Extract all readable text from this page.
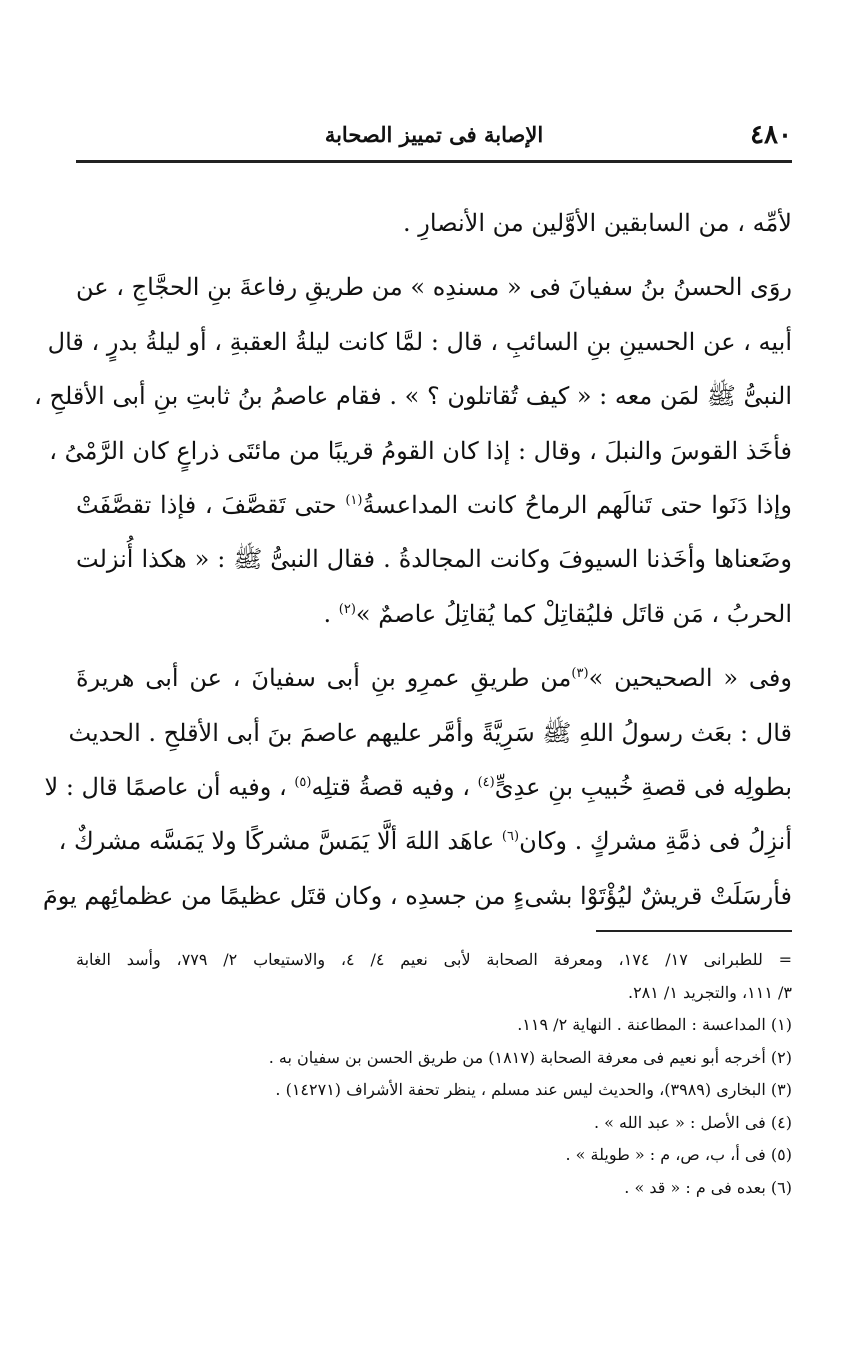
٤٨٠
الإصابة فى تمييز الصحابة
لأمِّه ، من السابقين الأوَّلين من الأنصارِ .
روَى الحسنُ بنُ سفيانَ فى « مسندِه » من طريقِ رفاعةَ بنِ الحجَّاجِ ، عن
أبيه ، عن الحسينِ بنِ السائبِ ، قال : لمَّا كانت ليلةُ العقبةِ ، أو ليلةُ بدرٍ ، قال
النبىُّ ﷺ لمَن معه : « كيف تُقاتلون ؟ » . فقام عاصمُ بنُ ثابتِ بنِ أبى الأقلحِ ،
فأخَذ القوسَ والنبلَ ، وقال : إذا كان القومُ قريبًا من مائتَى ذراعٍ كان الرَّمْىُ ،
وإذا دَنَوا حتى تَنالَهم الرماحُ كانت المداعسةُ$^{(١)}$ حتى تَقصَّفَ ، فإذا تقصَّفَتْ
وضَعناها وأخَذنا السيوفَ وكانت المجالدةُ . فقال النبىُّ ﷺ : « هكذا أُنزلت
الحربُ ، مَن قاتَل فليُقاتِلْ كما يُقاتِلُ عاصمٌ »$^{(٢)}$ .
وفى « الصحيحين »$^{(٣)}$من طريقِ عمرِو بنِ أبى سفيانَ ، عن أبى هريرةَ
قال : بعَث رسولُ اللهِ ﷺ سَرِيَّةً وأمَّر عليهم عاصمَ بنَ أبى الأقلحِ . الحديث
بطولِه فى قصةِ خُبيبِ بنِ عدِىٍّ$^{(٤)}$ ، وفيه قصةُ قتلِه$^{(٥)}$ ، وفيه أن عاصمًا قال : لا
أنزِلُ فى ذمَّةِ مشركٍ . وكان$^{(٦)}$ عاهَد اللهَ ألَّا يَمَسَّ مشركًا ولا يَمَسَّه مشركٌ ،
فأرسَلَتْ قريشٌ ليُؤْتَوْا بشىءٍ من جسدِه ، وكان قتَل عظيمًا من عظمائِهم يومَ
= للطبرانى ١٧/ ١٧٤، ومعرفة الصحابة لأبى نعيم ٤/ ٤، والاستيعاب ٢/ ٧٧٩، وأسد الغابة
٣/ ١١١، والتجريد ١/ ٢٨١.
(١) المداعسة : المطاعنة . النهاية ٢/ ١١٩.
(٢) أخرجه أبو نعيم فى معرفة الصحابة (١٨١٧) من طريق الحسن بن سفيان به .
(٣) البخارى (٣٩٨٩)، والحديث ليس عند مسلم ، ينظر تحفة الأشراف (١٤٢٧١) .
(٤) فى الأصل : « عبد الله » .
(٥) فى أ، ب، ص، م : « طويلة » .
(٦) بعده فى م : « قد » .
